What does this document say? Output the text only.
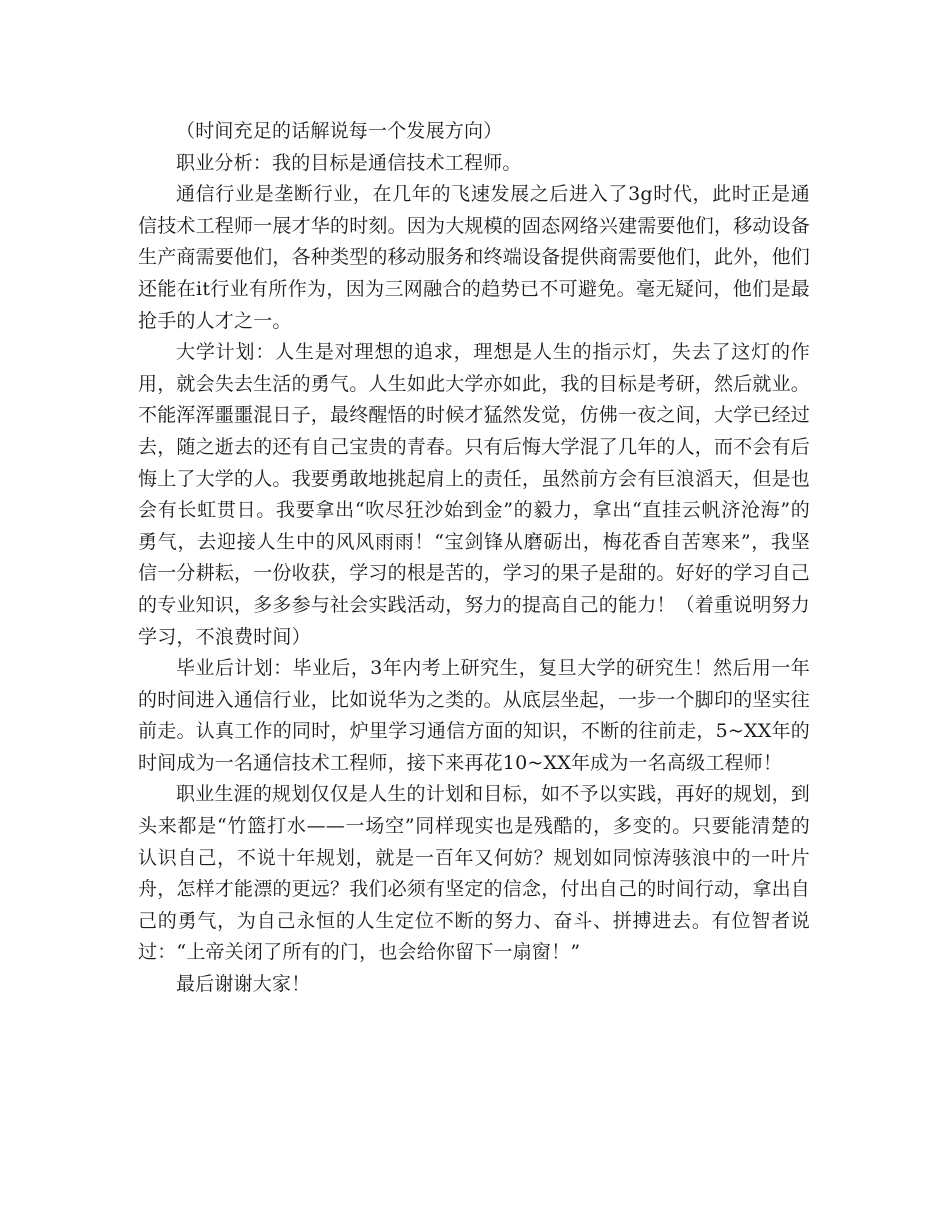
（时间充足的话解说每一个发展方向）

职业分析：我的目标是通信技术工程师。

通信行业是垄断行业，在几年的飞速发展之后进入了3g时代，此时正是通信技术工程师一展才华的时刻。因为大规模的固态网络兴建需要他们，移动设备生产商需要他们，各种类型的移动服务和终端设备提供商需要他们，此外，他们还能在it行业有所作为，因为三网融合的趋势已不可避免。毫无疑问，他们是最抢手的人才之一。

大学计划：人生是对理想的追求，理想是人生的指示灯，失去了这灯的作用，就会失去生活的勇气。人生如此大学亦如此，我的目标是考研，然后就业。不能浑浑噩噩混日子，最终醒悟的时候才猛然发觉，仿佛一夜之间，大学已经过去，随之逝去的还有自己宝贵的青春。只有后悔大学混了几年的人，而不会有后悔上了大学的人。我要勇敢地挑起肩上的责任，虽然前方会有巨浪滔天，但是也会有长虹贯日。我要拿出“吹尽狂沙始到金”的毅力，拿出“直挂云帆济沧海”的勇气，去迎接人生中的风风雨雨！“宝剑锋从磨砺出，梅花香自苦寒来”，我坚信一分耕耘，一份收获，学习的根是苦的，学习的果子是甜的。好好的学习自己的专业知识，多多参与社会实践活动，努力的提高自己的能力！（着重说明努力学习，不浪费时间）

毕业后计划：毕业后，3年内考上研究生，复旦大学的研究生！然后用一年的时间进入通信行业，比如说华为之类的。从底层坐起，一步一个脚印的坚实往前走。认真工作的同时，炉里学习通信方面的知识，不断的往前走，5~XX年的时间成为一名通信技术工程师，接下来再花10~XX年成为一名高级工程师！

职业生涯的规划仅仅是人生的计划和目标，如不予以实践，再好的规划，到头来都是“竹篮打水——一场空”同样现实也是残酷的，多变的。只要能清楚的认识自己，不说十年规划，就是一百年又何妨？规划如同惊涛骇浪中的一叶片舟，怎样才能漂的更远？我们必须有坚定的信念，付出自己的时间行动，拿出自己的勇气，为自己永恒的人生定位不断的努力、奋斗、拼搏进去。有位智者说过：“上帝关闭了所有的门，也会给你留下一扇窗！”

最后谢谢大家！
